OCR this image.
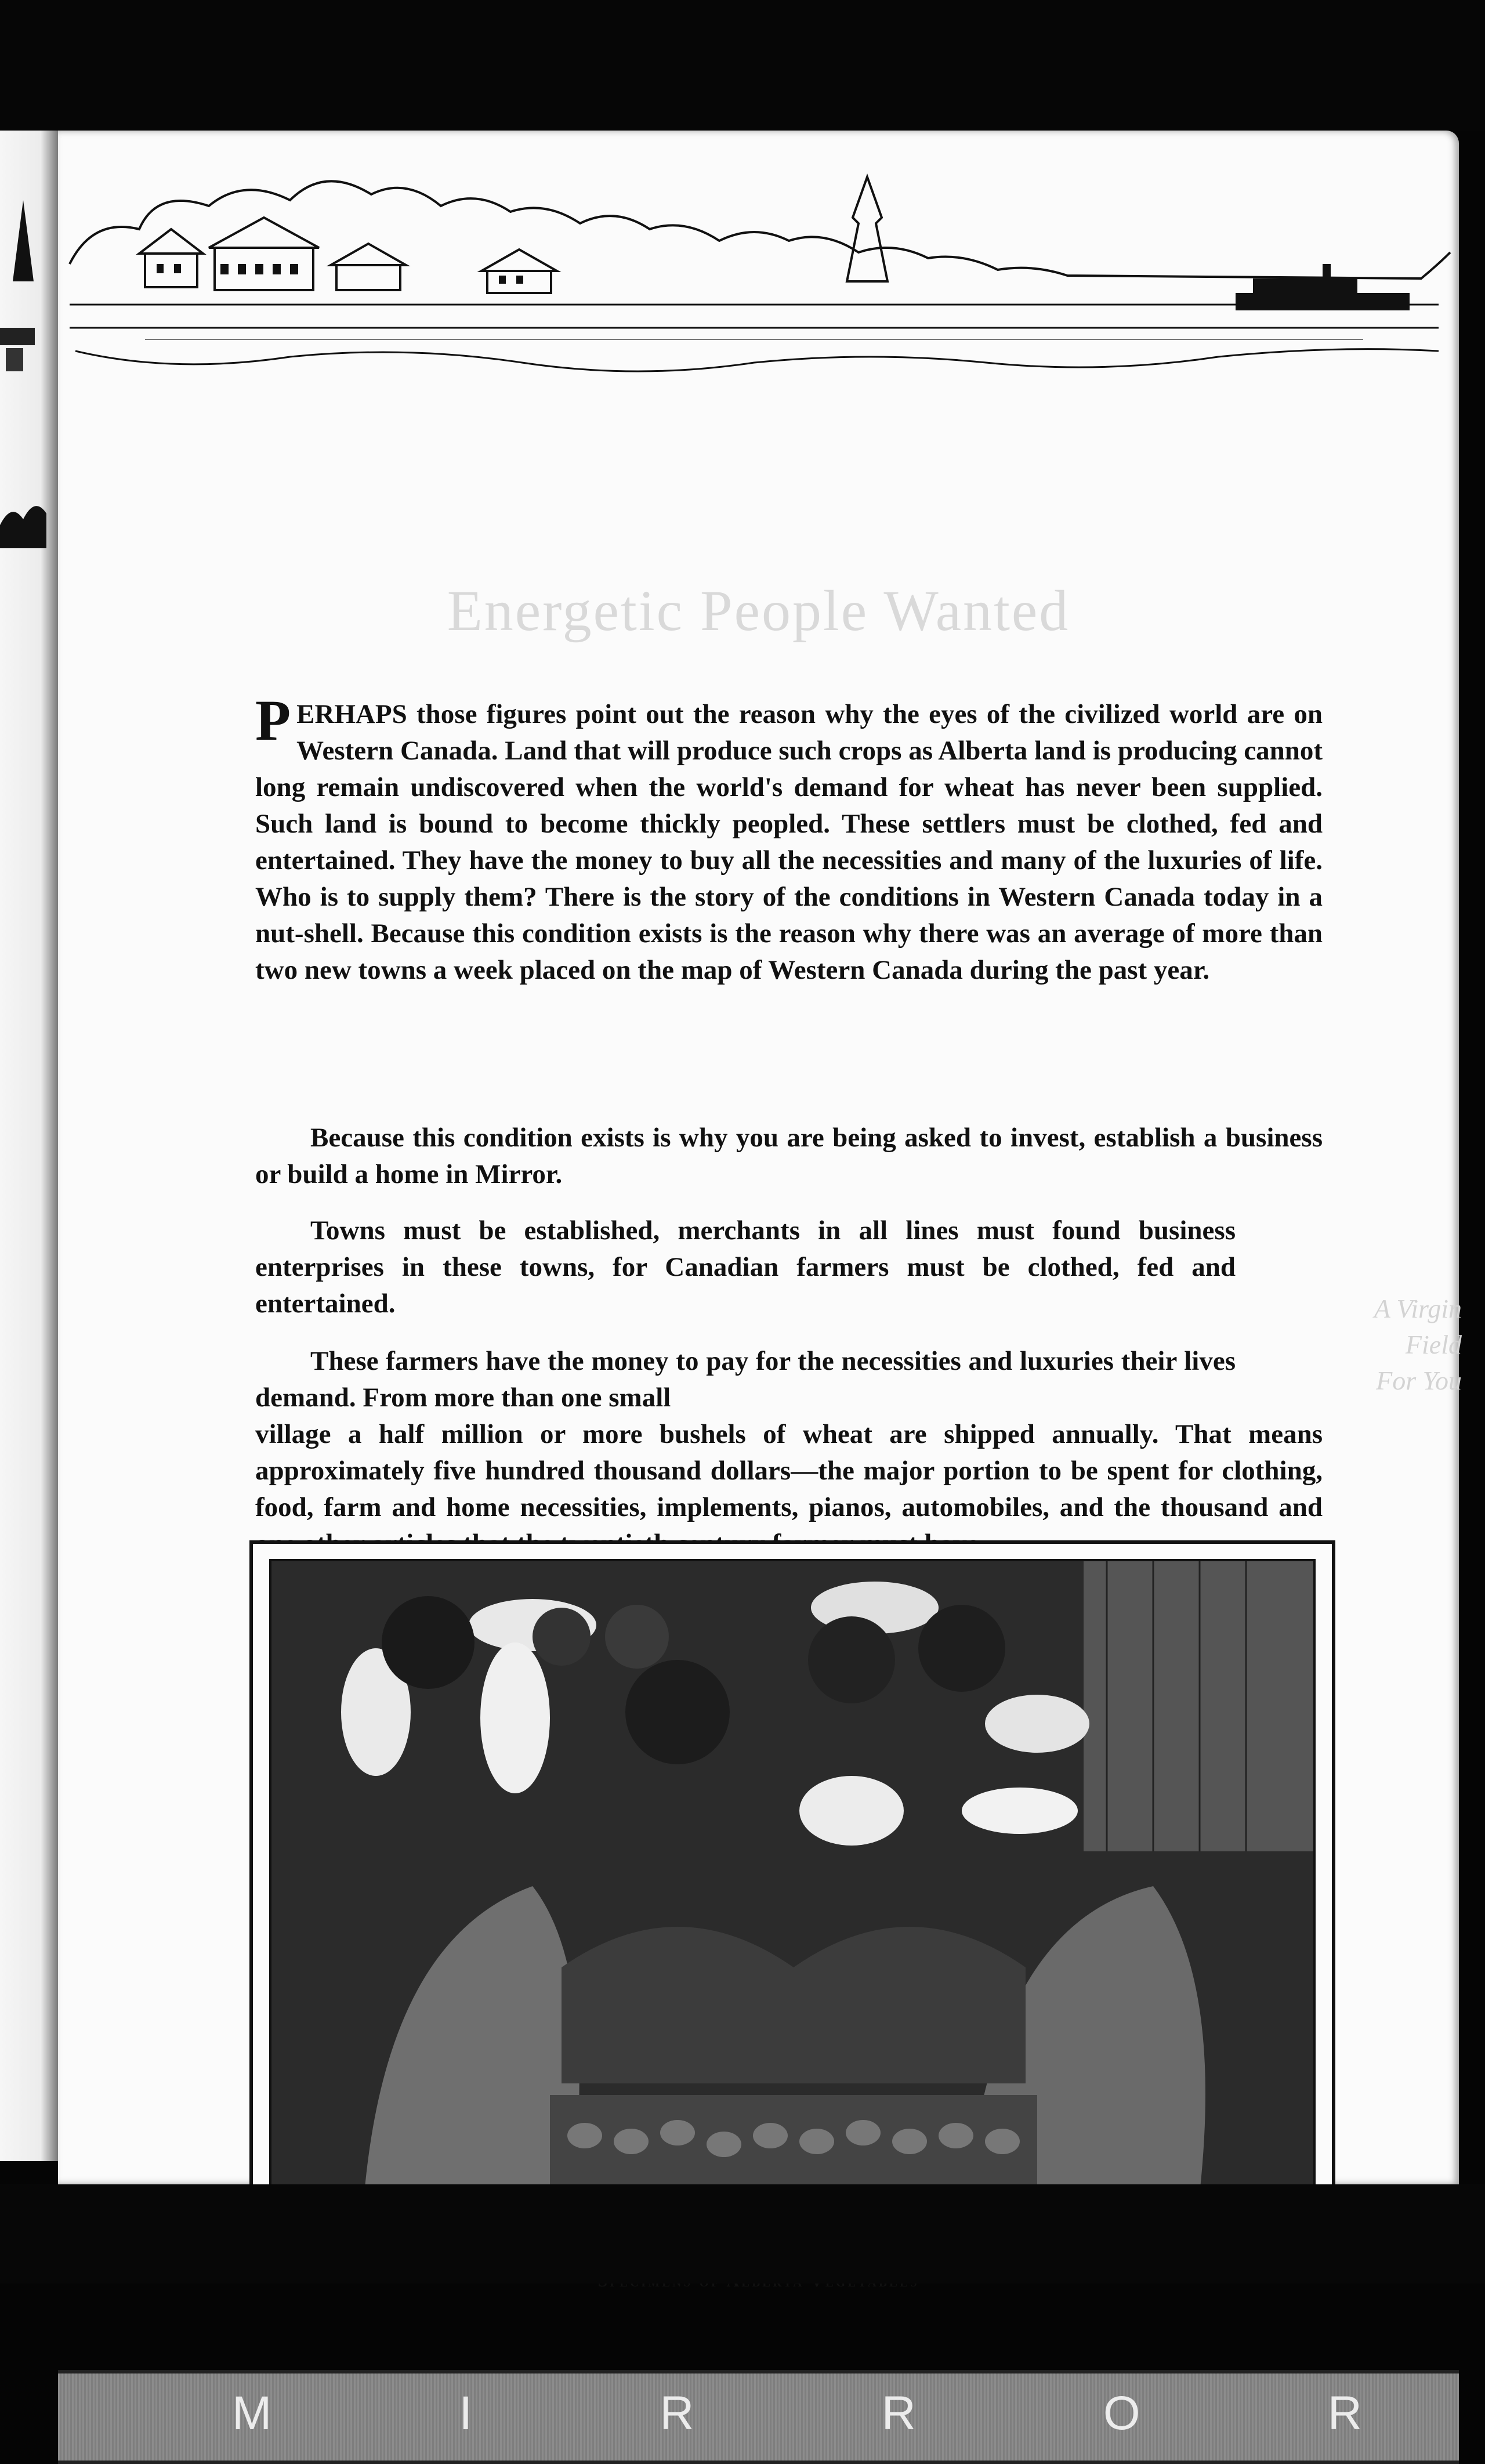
Energetic People Wanted

PERHAPS those figures point out the reason why the eyes of the civilized world are on Western Canada. Land that will produce such crops as Alberta land is producing cannot long remain undiscovered when the world's demand for wheat has never been supplied. Such land is bound to become thickly peopled. These settlers must be clothed, fed and entertained. They have the money to buy all the necessities and many of the luxuries of life. Who is to supply them? There is the story of the conditions in Western Canada today in a nut-shell. Because this condition exists is the reason why there was an average of more than two new towns a week placed on the map of Western Canada during the past year.

Because this condition exists is why you are being asked to invest, establish a business or build a home in Mirror.

Towns must be established, merchants in all lines must found business enterprises in these towns, for Canadian farmers must be clothed, fed and entertained.	A Virgin
Field
For You

These farmers have the money to pay for the necessities and luxuries their lives demand. From more than one small
village a half million or more bushels of wheat are shipped annually. That means approximately five hundred thousand dollars—the major portion to be spent for clothing, food, farm and home necessities, implements, pianos, automobiles, and the thousand and

M	I	R	R	O	R
